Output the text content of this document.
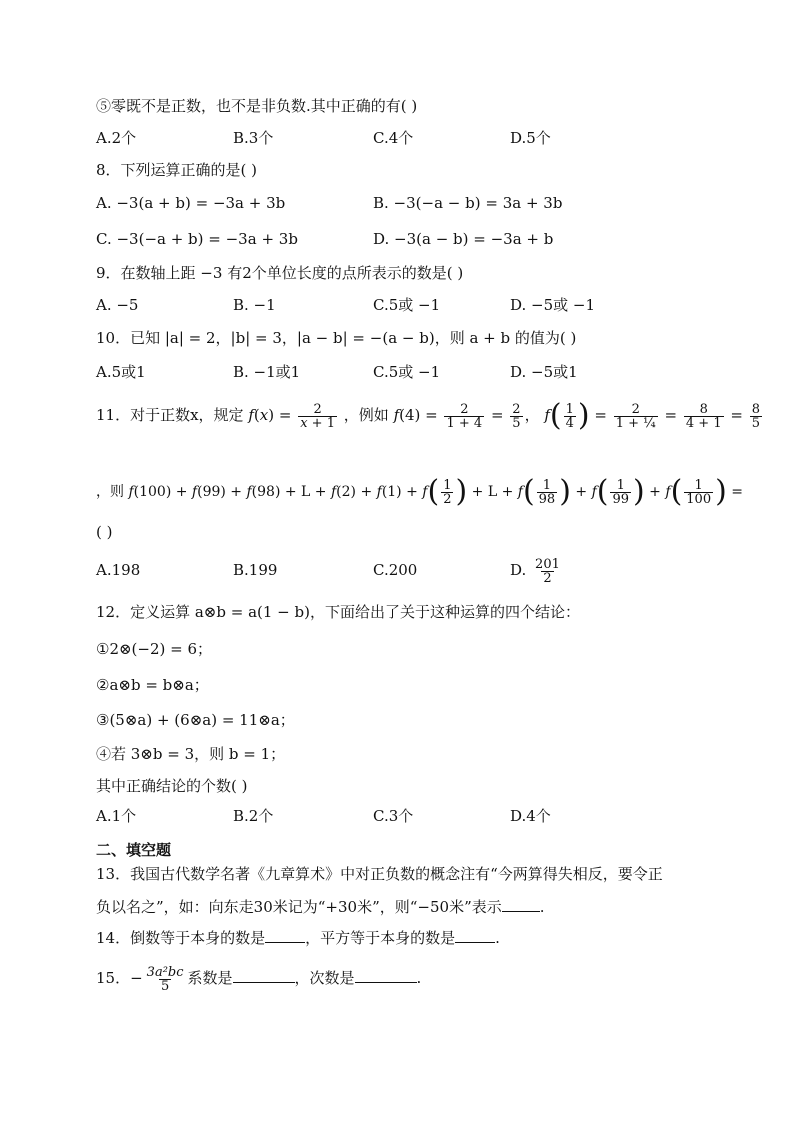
⑤零既不是正数，也不是非负数.其中正确的有( )
A.2个	B.3个	C.4个	D.5个
8．下列运算正确的是( )
A. −3(a + b) = −3a + 3b	B. −3(−a − b) = 3a + 3b
C. −3(−a + b) = −3a + 3b	D. −3(a − b) = −3a + b
9．在数轴上距 −3 有2个单位长度的点所表示的数是( )
A. −5	B. −1	C.5或 −1	D. −5或 −1
10．已知 |a| = 2，|b| = 3，|a − b| = −(a − b)，则 a + b 的值为( )
A.5或1	B. −1或1	C.5或 −1	D. −5或1
11．对于正数x，规定 $f(x) = \frac{2}{x + 1}$ ，例如 $f(4) = \frac{2}{1 + 4} = \frac{2}{5}$ ， $f( \frac{1}{4}$ ) = $\frac{2}{\text{1 + ¼}} = \frac{8}{4 + 1} = \frac{8}{5}$
，则 $f(100) + f(99) + f(98) + L + f(2) + f(1) + f( \frac{1}{2}$ ) + $L + f( \frac{1}{98}$ ) + $f( \frac{1}{99}$ ) + $f( \frac{1}{100}$ ) =
( )
A.198	B.199	C.200	D. $\frac{201}{2}$
12．定义运算 a⊗b = a(1 − b)，下面给出了关于这种运算的四个结论：
①2⊗(−2) = 6；
②a⊗b = b⊗a；
③(5⊗a) + (6⊗a) = 11⊗a；
④若 3⊗b = 3，则 b = 1；
其中正确结论的个数( )
A.1个	B.2个	C.3个	D.4个
二、填空题
13．我国古代数学名著《九章算术》中对正负数的概念注有“今两算得失相反，要令正
负以名之”，如：向东走30米记为“+30米”，则“−50米”表示	.
14．倒数等于本身的数是	，平方等于本身的数是	.
15．− $\frac{\text{3a²bc}}{5}$ 系数是	，次数是	.
